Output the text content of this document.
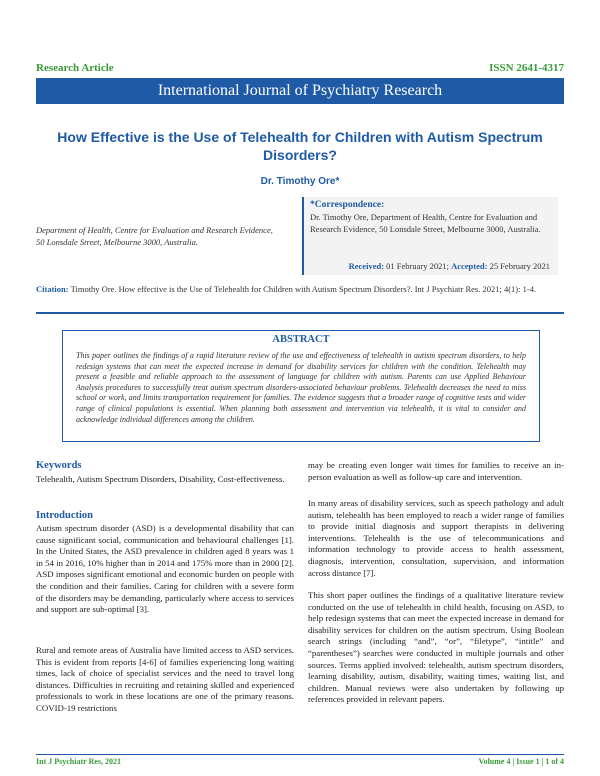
Research Article	ISSN 2641-4317
International Journal of Psychiatry Research
How Effective is the Use of Telehealth for Children with Autism Spectrum Disorders?
Dr. Timothy Ore*
Department of Health, Centre for Evaluation and Research Evidence, 50 Lonsdale Street, Melbourne 3000, Australia.
*Correspondence:
Dr. Timothy Ore, Department of Health, Centre for Evaluation and Research Evidence, 50 Lonsdale Street, Melbourne 3000, Australia.
Received: 01 February 2021; Accepted: 25 February 2021
Citation: Timothy Ore. How effective is the Use of Telehealth for Children with Autism Spectrum Disorders?. Int J Psychiatr Res. 2021; 4(1): 1-4.
ABSTRACT
This paper outlines the findings of a rapid literature review of the use and effectiveness of telehealth in autism spectrum disorders, to help redesign systems that can meet the expected increase in demand for disability services for children with the condition. Telehealth may present a feasible and reliable approach to the assessment of language for children with autism. Parents can use Applied Behaviour Analysis procedures to successfully treat autism spectrum disorders-associated behaviour problems. Telehealth decreases the need to miss school or work, and limits transportation requirement for families. The evidence suggests that a broader range of cognitive tests and wider range of clinical populations is essential. When planning both assessment and intervention via telehealth, it is vital to consider and acknowledge individual differences among the children.
Keywords
Telehealth, Autism Spectrum Disorders, Disability, Cost-effectiveness.
Introduction
Autism spectrum disorder (ASD) is a developmental disability that can cause significant social, communication and behavioural challenges [1]. In the United States, the ASD prevalence in children aged 8 years was 1 in 54 in 2016, 10% higher than in 2014 and 175% more than in 2000 [2]. ASD imposes significant emotional and economic burden on people with the condition and their families. Caring for children with a severe form of the disorders may be demanding, particularly where access to services and support are sub-optimal [3].
Rural and remote areas of Australia have limited access to ASD services. This is evident from reports [4-6] of families experiencing long waiting times, lack of choice of specialist services and the need to travel long distances. Difficulties in recruiting and retaining skilled and experienced professionals to work in these locations are one of the primary reasons. COVID-19 restrictions
may be creating even longer wait times for families to receive an in-person evaluation as well as follow-up care and intervention.
In many areas of disability services, such as speech pathology and adult autism, telehealth has been employed to reach a wider range of families to provide initial diagnosis and support therapists in delivering interventions. Telehealth is the use of telecommunications and information technology to provide access to health assessment, diagnosis, intervention, consultation, supervision, and information across distance [7].
This short paper outlines the findings of a qualitative literature review conducted on the use of telehealth in child health, focusing on ASD, to help redesign systems that can meet the expected increase in demand for disability services for children on the autism spectrum. Using Boolean search strings (including “and”, “or”, “filetype”, “intitle” and “parentheses”) searches were conducted in multiple journals and other sources. Terms applied involved: telehealth, autism spectrum disorders, learning disability, autism, disability, waiting times, waiting list, and children. Manual reviews were also undertaken by following up references provided in relevant papers.
Int J Psychiatr Res, 2021	Volume 4 | Issue 1 | 1 of 4
